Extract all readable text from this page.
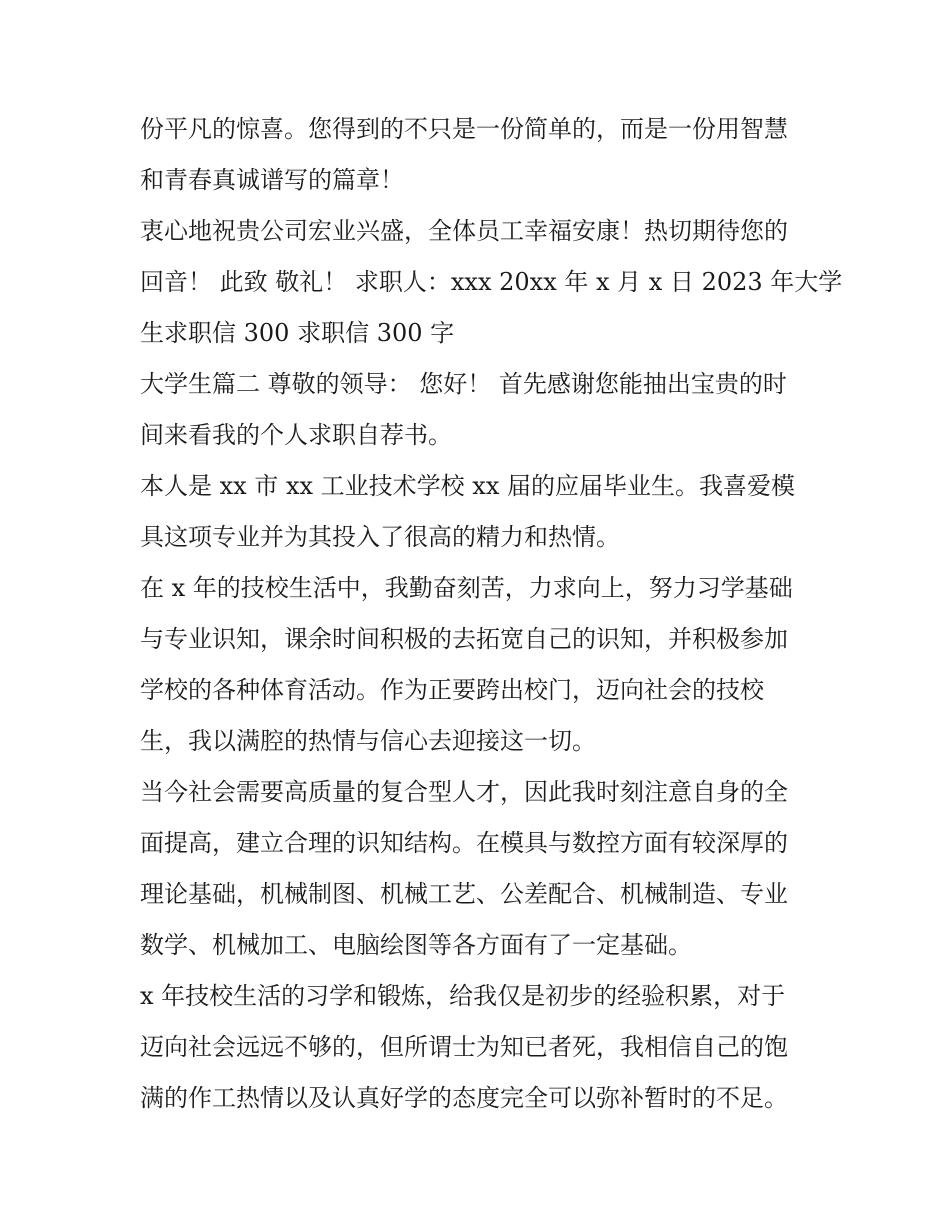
份平凡的惊喜。您得到的不只是一份简单的，而是一份用智慧
和青春真诚谱写的篇章！
衷心地祝贵公司宏业兴盛，全体员工幸福安康！热切期待您的
回音！ 此致 敬礼！ 求职人：xxx 20xx 年 x 月 x 日 2023 年大学
生求职信 300 求职信 300 字
大学生篇二 尊敬的领导： 您好！ 首先感谢您能抽出宝贵的时
间来看我的个人求职自荐书。
本人是 xx 市 xx 工业技术学校 xx 届的应届毕业生。我喜爱模
具这项专业并为其投入了很高的精力和热情。
在 x 年的技校生活中，我勤奋刻苦，力求向上，努力习学基础
与专业识知，课余时间积极的去拓宽自己的识知，并积极参加
学校的各种体育活动。作为正要跨出校门，迈向社会的技校
生，我以满腔的热情与信心去迎接这一切。
当今社会需要高质量的复合型人才，因此我时刻注意自身的全
面提高，建立合理的识知结构。在模具与数控方面有较深厚的
理论基础，机械制图、机械工艺、公差配合、机械制造、专业
数学、机械加工、电脑绘图等各方面有了一定基础。
x 年技校生活的习学和锻炼，给我仅是初步的经验积累，对于
迈向社会远远不够的，但所谓士为知已者死，我相信自己的饱
满的作工热情以及认真好学的态度完全可以弥补暂时的不足。
